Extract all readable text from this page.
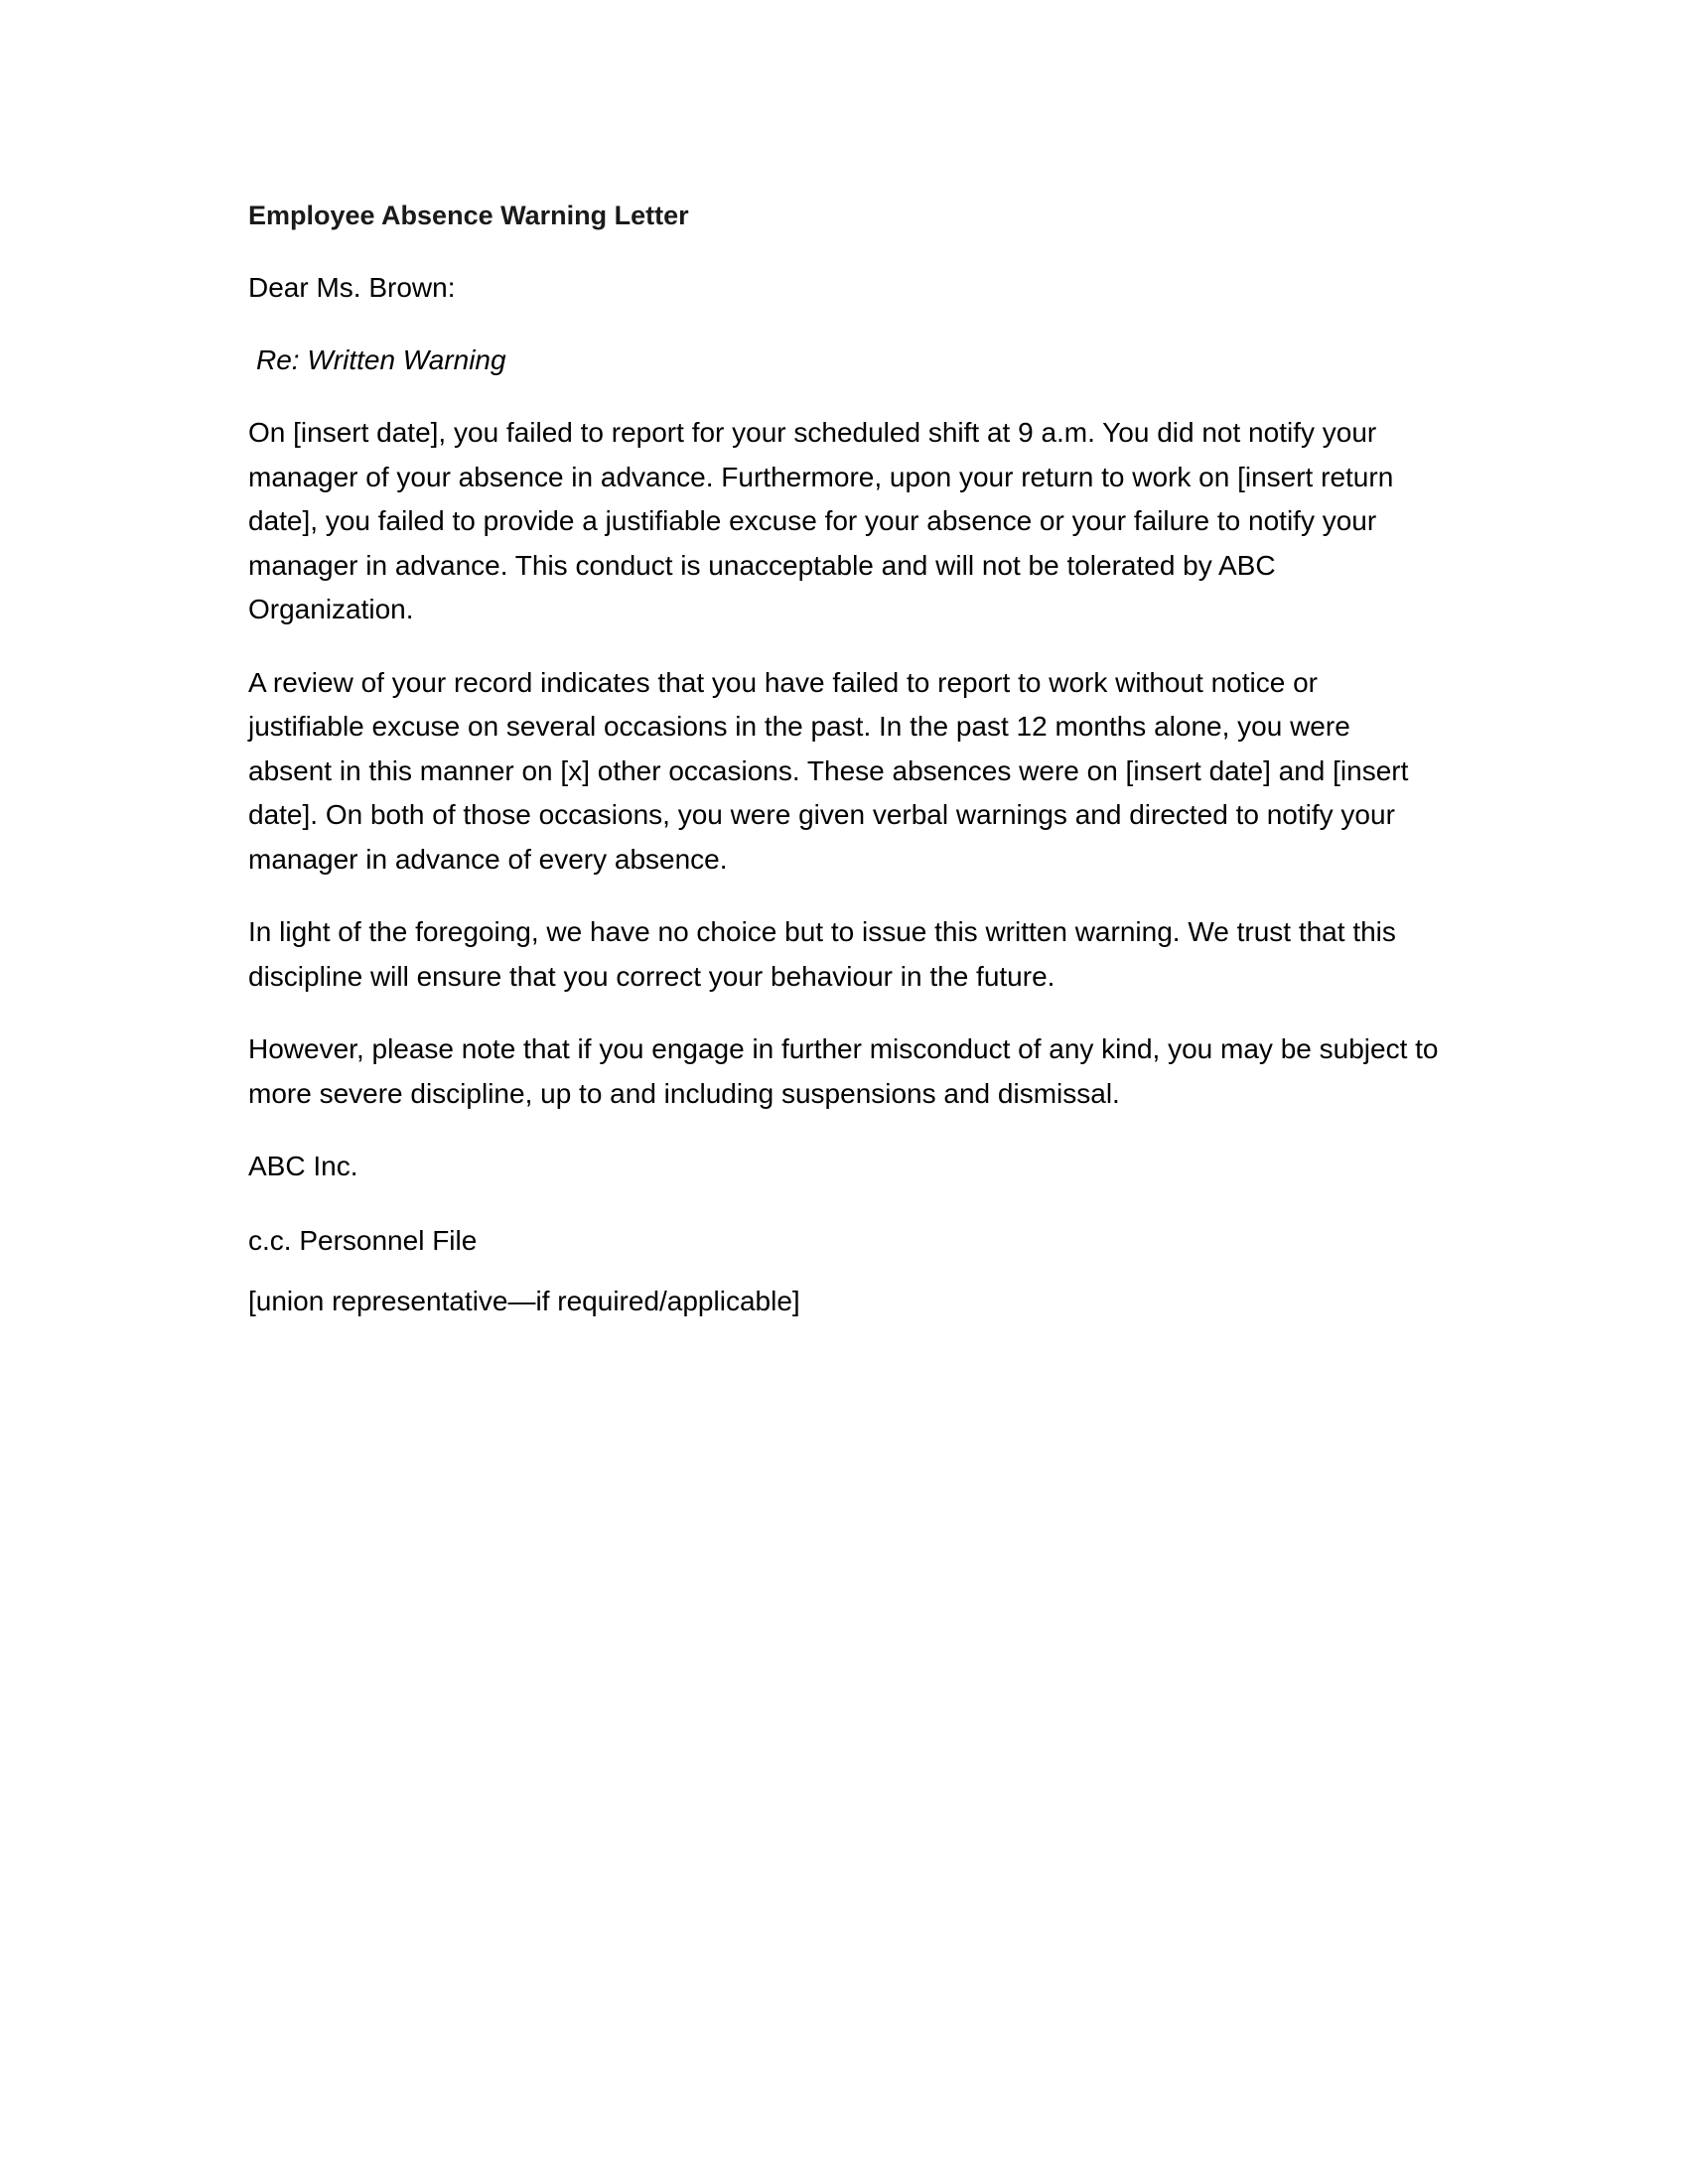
Employee Absence Warning Letter
Dear Ms. Brown:
Re: Written Warning
On [insert date], you failed to report for your scheduled shift at 9 a.m. You did not notify your manager of your absence in advance. Furthermore, upon your return to work on [insert return date], you failed to provide a justifiable excuse for your absence or your failure to notify your manager in advance. This conduct is unacceptable and will not be tolerated by ABC Organization.
A review of your record indicates that you have failed to report to work without notice or justifiable excuse on several occasions in the past. In the past 12 months alone, you were absent in this manner on [x] other occasions. These absences were on [insert date] and [insert date]. On both of those occasions, you were given verbal warnings and directed to notify your manager in advance of every absence.
In light of the foregoing, we have no choice but to issue this written warning. We trust that this discipline will ensure that you correct your behaviour in the future.
However, please note that if you engage in further misconduct of any kind, you may be subject to more severe discipline, up to and including suspensions and dismissal.
ABC Inc.
c.c. Personnel File
[union representative—if required/applicable]
